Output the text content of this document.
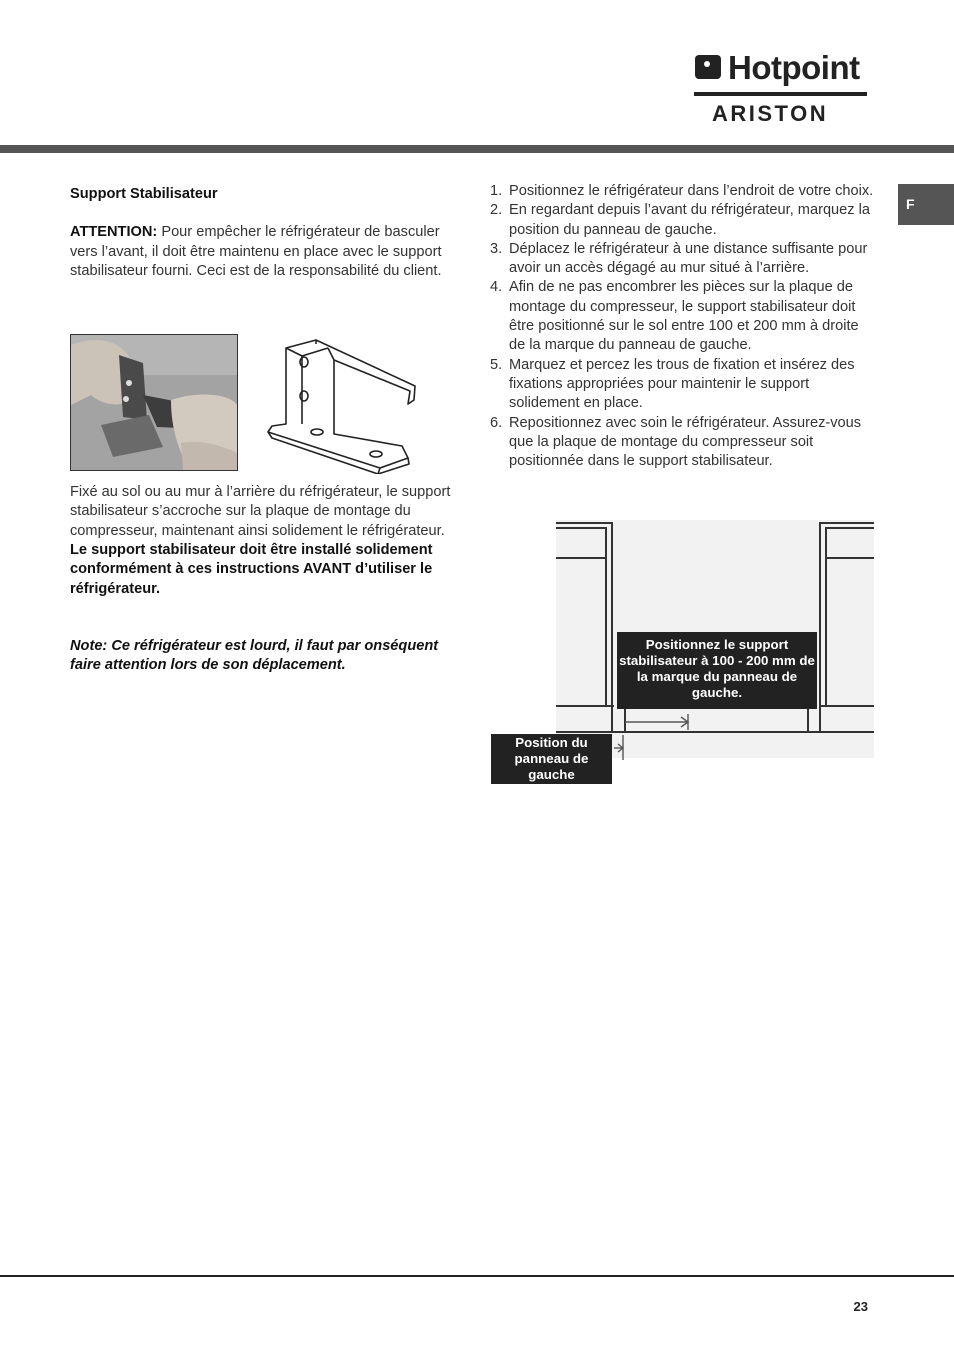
Hotpoint
ARISTON
F

Support Stabilisateur

ATTENTION: Pour empêcher le réfrigérateur de basculer vers l’avant, il doit être maintenu en place avec le support stabilisateur fourni. Ceci est de la responsabilité du client.

Fixé au sol ou au mur à l’arrière du réfrigérateur, le support stabilisateur s’accroche sur la plaque de montage du compresseur, maintenant ainsi solidement le réfrigérateur.

Le support stabilisateur doit être installé solidement conformément à ces instructions AVANT d’utiliser le réfrigérateur.

Note: Ce réfrigérateur est lourd, il faut par onséquent faire attention lors de son déplacement.

1. Positionnez le réfrigérateur dans l’endroit de votre choix.
2. En regardant depuis l’avant du réfrigérateur, marquez la position du panneau de gauche.
3. Déplacez le réfrigérateur à une distance suffisante pour avoir un accès dégagé au mur situé à l’arrière.
4. Afin de ne pas encombrer les pièces sur la plaque de montage du compresseur, le support stabilisateur doit être positionné sur le sol entre 100 et 200 mm à droite de la marque du panneau de gauche.
5. Marquez et percez les trous de fixation et insérez des fixations appropriées pour maintenir le support solidement en place.
6. Repositionnez avec soin le réfrigérateur. Assurez-vous que la plaque de montage du compresseur soit positionnée dans le support stabilisateur.
Positionnez le support stabilisateur à 100 - 200 mm de la marque du panneau de gauche.
Position du panneau de gauche
23
